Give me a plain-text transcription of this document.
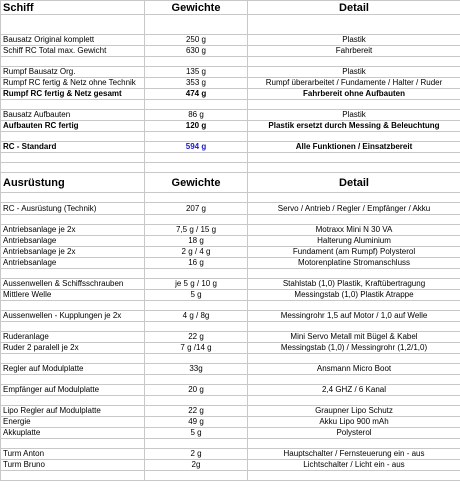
Schiff	Gewichte	Detail

Bausatz Original komplett	250 g	Plastik
Schiff RC Total max. Gewicht	630 g	Fahrbereit

Rumpf Bausatz Org.	135 g	Plastik
Rumpf RC fertig & Netz ohne Technik	353 g	Rumpf überarbeitet / Fundamente / Halter / Ruder
Rumpf RC fertig & Netz gesamt	474 g	Fahrbereit ohne Aufbauten

Bausatz Aufbauten	86 g	Plastik
Aufbauten RC fertig	120 g	Plastik ersetzt durch Messing & Beleuchtung

RC - Standard	594 g	Alle Funktionen / Einsatzbereit

Ausrüstung	Gewichte	Detail

RC - Ausrüstung (Technik)	207 g	Servo / Antrieb / Regler / Empfänger / Akku

Antriebsanlage je 2x	7,5 g / 15 g	Motraxx Mini N 30 VA
Antriebsanlage	18 g	Halterung Aluminium
Antriebsanlage je 2x	2 g / 4 g	Fundament (am Rumpf) Polysterol
Antriebsanlage	16 g	Motorenplatine Stromanschluss

Aussenwellen & Schiffsschrauben	je 5 g / 10 g	Stahlstab (1,0) Plastik, Kraftübertragung
Mittlere Welle	5 g	Messingstab (1,0) Plastik Atrappe

Aussenwellen - Kupplungen je 2x	4 g / 8g	Messingrohr 1,5 auf Motor / 1,0 auf Welle

Ruderanlage	22 g	Mini Servo Metall mit Bügel & Kabel
Ruder 2 paralell je 2x	7 g /14 g	Messingstab (1,0) / Messingrohr (1,2/1,0)

Regler auf Modulplatte	33g	Ansmann Micro Boot

Empfänger auf Modulplatte	20 g	2,4 GHZ / 6 Kanal

Lipo Regler auf Modulplatte	22 g	Graupner Lipo Schutz
Energie	49 g	Akku Lipo 900 mAh
Akkuplatte	5 g	Polysterol

Turm Anton	2 g	Hauptschalter / Fernsteuerung ein - aus
Turm Bruno	2g	Lichtschalter / Licht ein - aus
